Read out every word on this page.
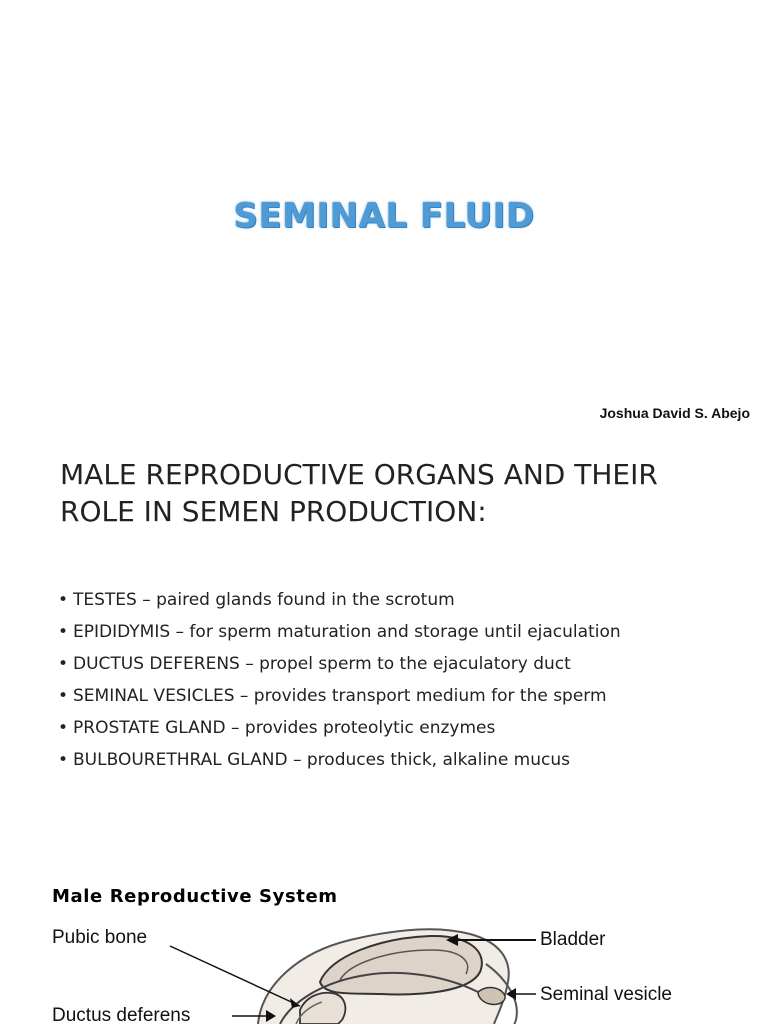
SEMINAL FLUID
Joshua David S. Abejo
MALE REPRODUCTIVE ORGANS AND THEIR
ROLE IN SEMEN PRODUCTION:
• TESTES – paired glands found in the scrotum
• EPIDIDYMIS – for sperm maturation and storage until ejaculation
• DUCTUS DEFERENS – propel sperm to the ejaculatory duct
• SEMINAL VESICLES – provides transport medium for the sperm
• PROSTATE GLAND – provides proteolytic enzymes
• BULBOURETHRAL GLAND – produces thick, alkaline mucus
Male Reproductive System
Pubic bone
Ductus deferens
Bladder
Seminal vesicle
